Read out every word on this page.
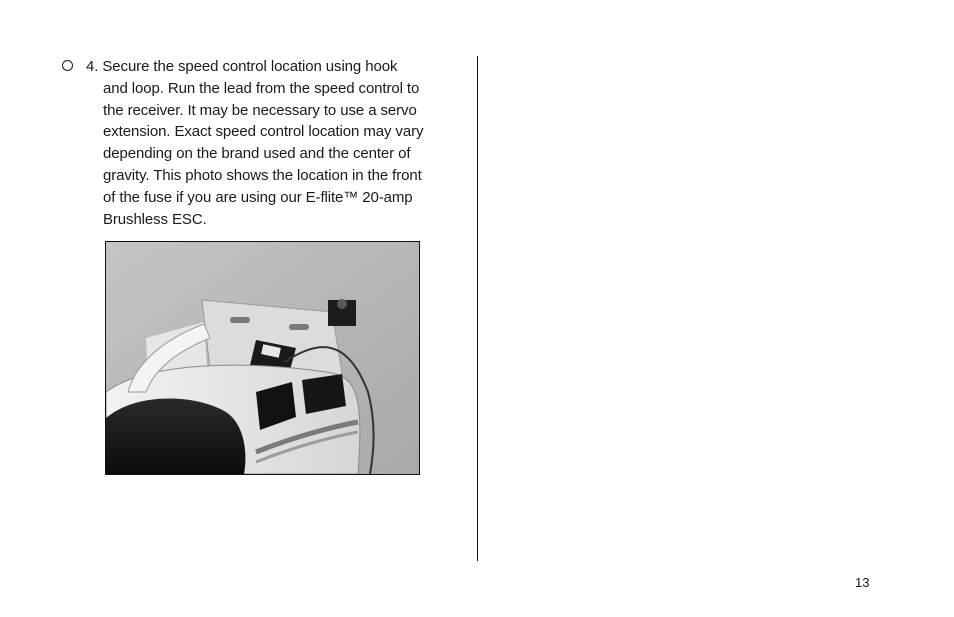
4. Secure the speed control location using hook
and loop. Run the lead from the speed control to
the receiver. It may be necessary to use a servo
extension. Exact speed control location may vary
depending on the brand used and the center of
gravity. This photo shows the location in the front
of the fuse if you are using our E-flite™ 20-amp
Brushless ESC.
13
